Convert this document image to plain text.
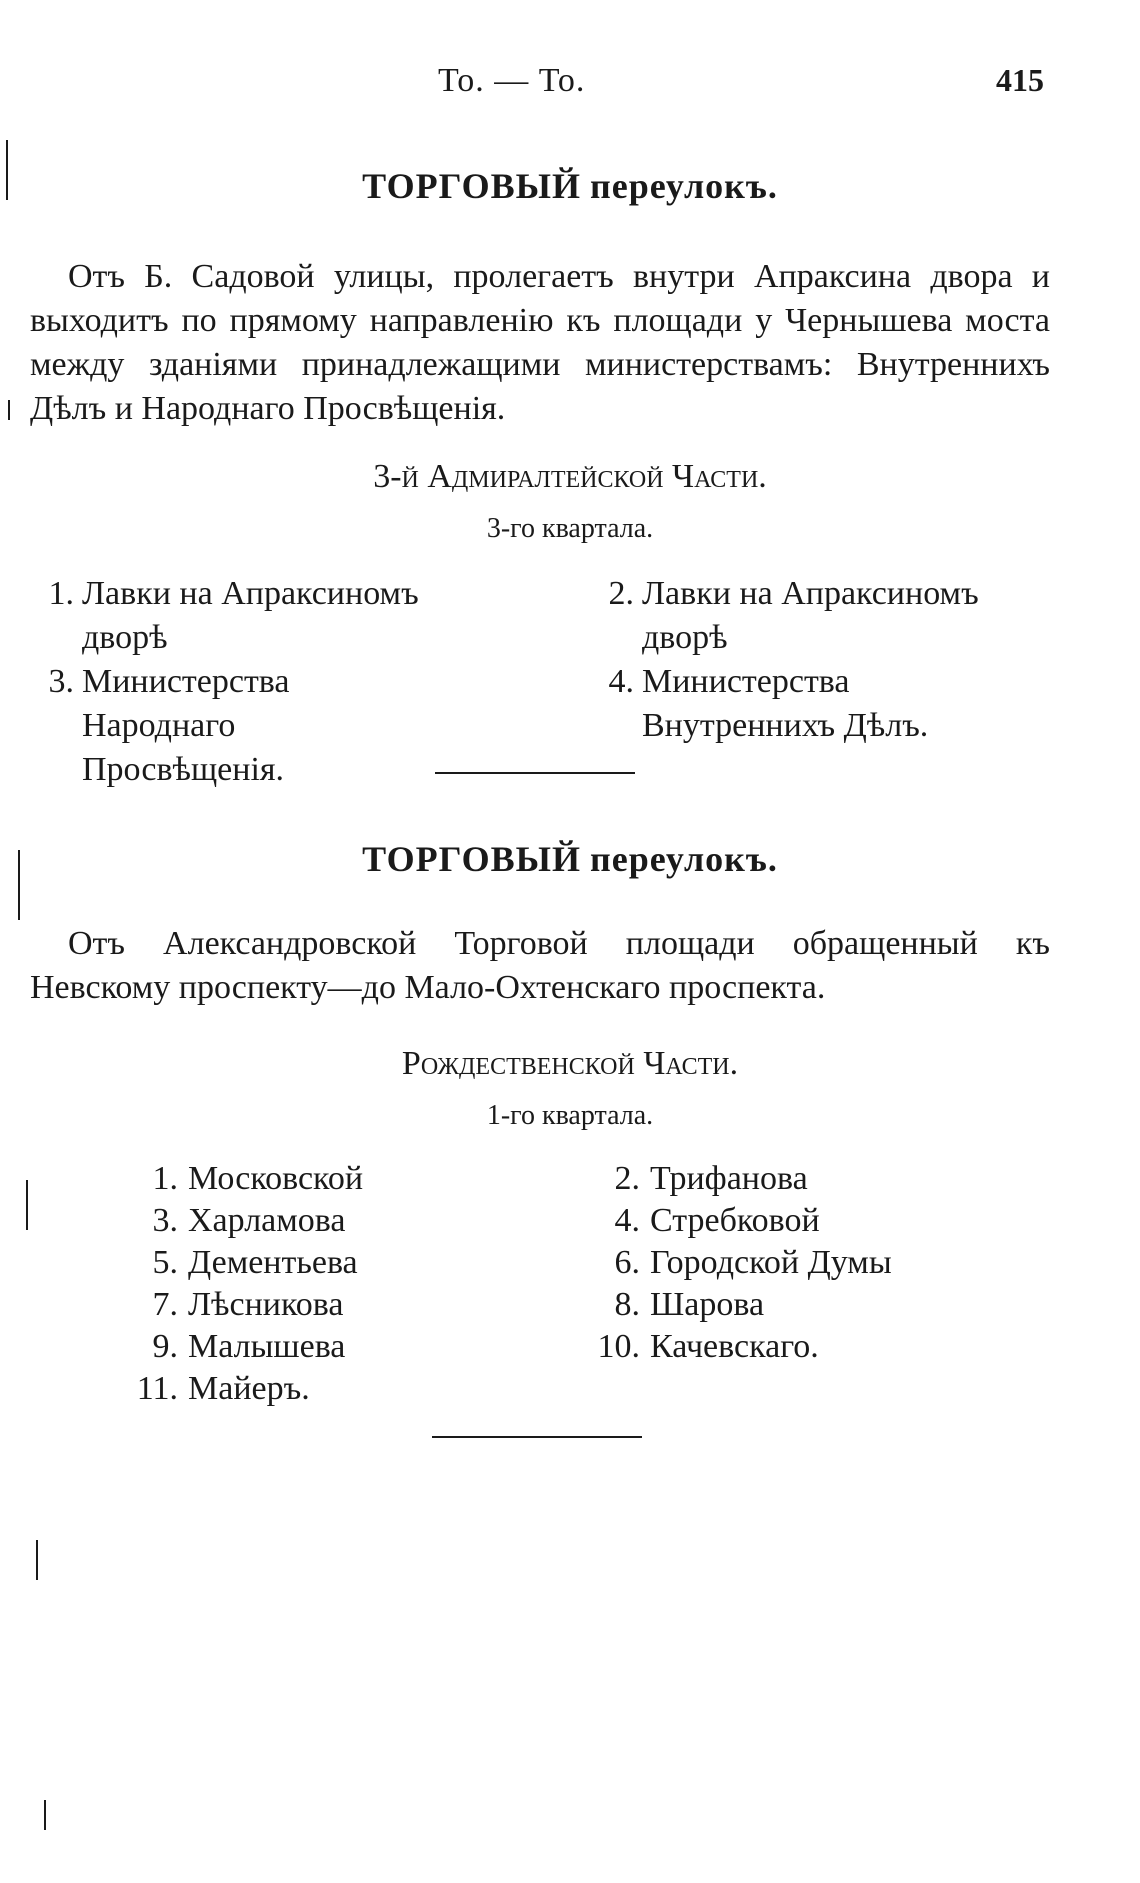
То. — То.	415
ТОРГОВЫЙ переулокъ.
Отъ Б. Садовой улицы, пролегаетъ внутри Апраксина двора и выходитъ по прямому направленію къ площади у Чернышева моста между зданіями принадлежащими министерствамъ: Внутреннихъ Дѣлъ и Народнаго Просвѣщенія.
3-й Адмиралтейской Части.
3-го квартала.
1. Лавки на Апраксиномъ дворѣ
3. Министерства Народнаго Просвѣщенія.
2. Лавки на Апраксиномъ дворѣ
4. Министерства Внутреннихъ Дѣлъ.
ТОРГОВЫЙ переулокъ.
Отъ Александровской Торговой площади обращенный къ Невскому проспекту—до Мало-Охтенскаго проспекта.
Рождественской Части.
1-го квартала.
1. Московской
3. Харламова
5. Дементьева
7. Лѣсникова
9. Малышева
11. Майеръ.
2. Трифанова
4. Стребковой
6. Городской Думы
8. Шарова
10. Качевскаго.
